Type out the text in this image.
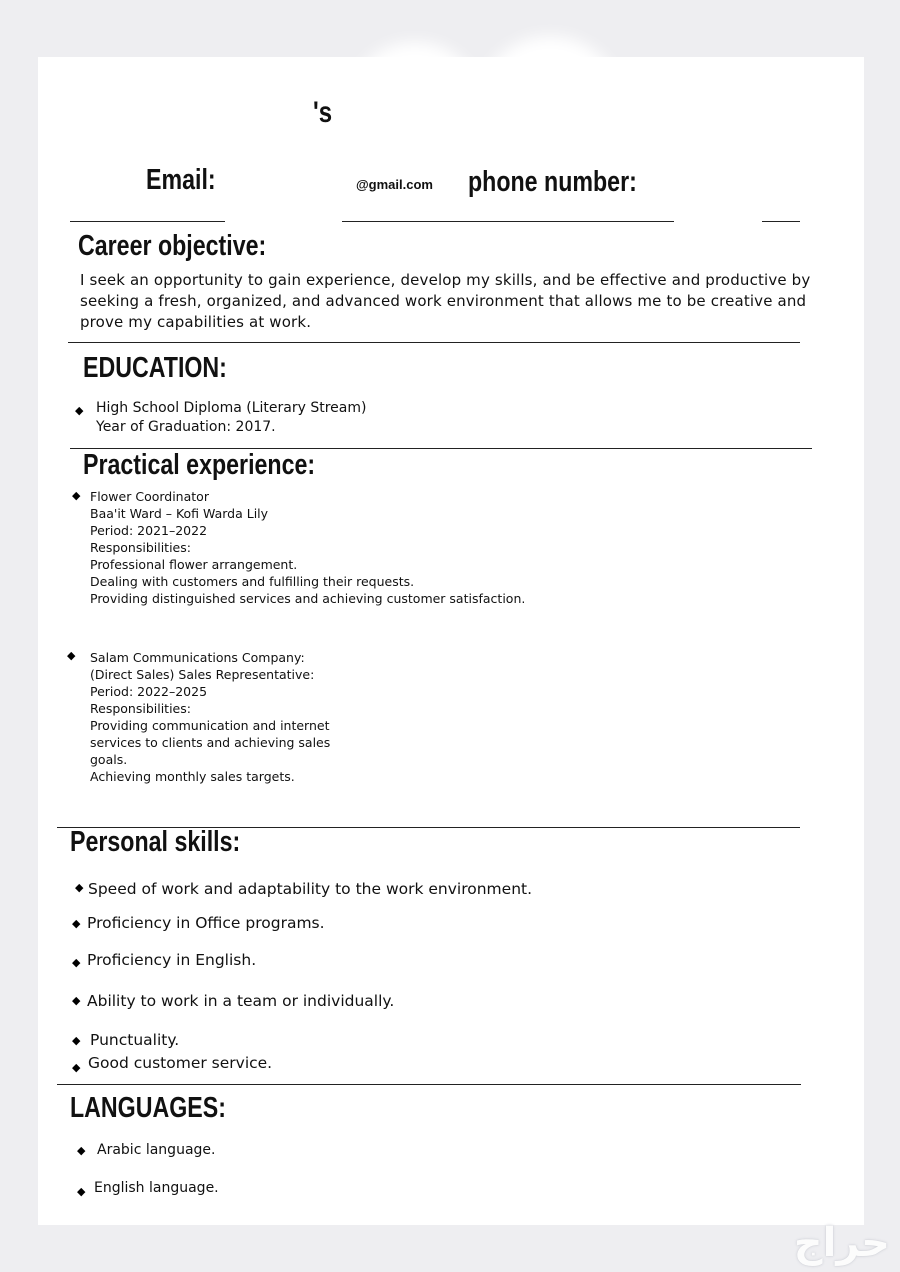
's
Email:	@gmail.com phone number:
Career objective:
I seek an opportunity to gain experience, develop my skills, and be effective and productive by
seeking a fresh, organized, and advanced work environment that allows me to be creative and
prove my capabilities at work.
EDUCATION:
◆ High School Diploma (Literary Stream)
Year of Graduation: 2017.
Practical experience:
◆ Flower Coordinator
Baa'it Ward – Kofi Warda Lily
Period: 2021–2022
Responsibilities:
Professional flower arrangement.
Dealing with customers and fulfilling their requests.
Providing distinguished services and achieving customer satisfaction.
◆ Salam Communications Company:
(Direct Sales) Sales Representative:
Period: 2022–2025
Responsibilities:
Providing communication and internet
services to clients and achieving sales
goals.
Achieving monthly sales targets.
Personal skills:
◆ Speed of work and adaptability to the work environment.
◆ Proficiency in Office programs.
◆ Proficiency in English.
◆ Ability to work in a team or individually.
◆ Punctuality.
◆ Good customer service.
LANGUAGES:
◆ Arabic language.
◆ English language.
حراج
